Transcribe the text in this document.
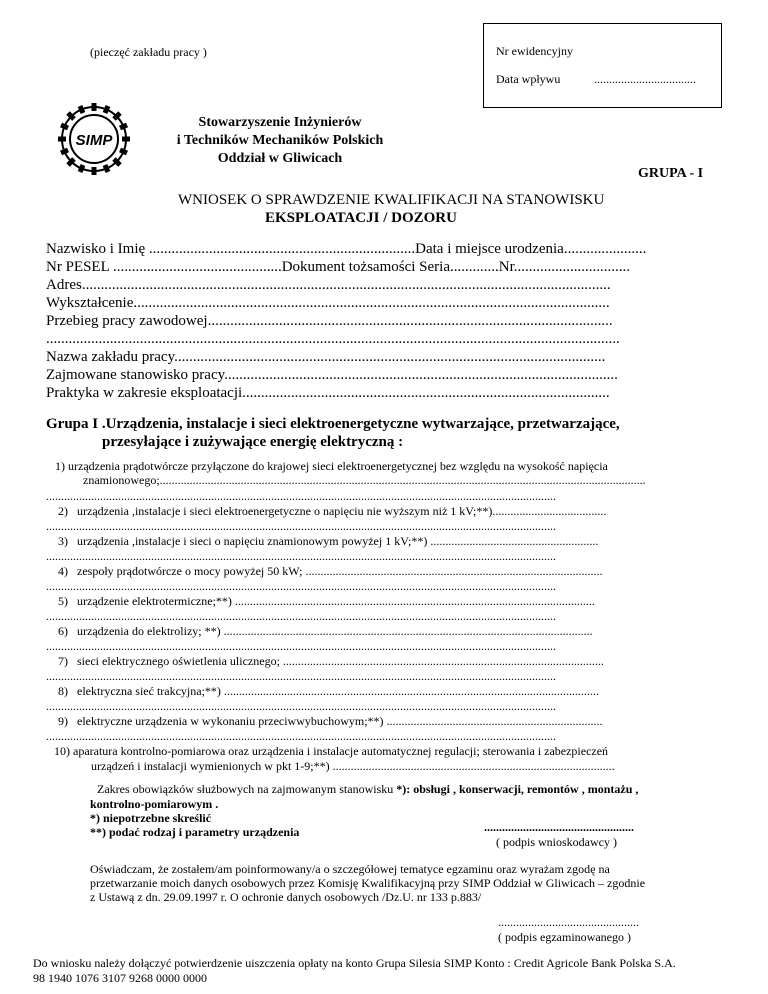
(pieczęć zakładu pracy )	Nr ewidencyjny
Data wpływu	..................................
SIMP
Stowarzyszenie Inżynierów
i Techników Mechaników Polskich
Oddział w Gliwicach
GRUPA - I
WNIOSEK O SPRAWDZENIE KWALIFIKACJI NA STANOWISKU
EKSPLOATACJI / DOZORU
Nazwisko i Imię .......................................................................Data i miejsce urodzenia......................
Nr PESEL .............................................Dokument tożsamości Seria.............Nr...............................
Adres.............................................................................................................................................
Wykształcenie...............................................................................................................................
Przebieg pracy zawodowej............................................................................................................
.........................................................................................................................................................
Nazwa zakładu pracy...................................................................................................................
Zajmowane stanowisko pracy.........................................................................................................
Praktyka w zakresie eksploatacji..................................................................................................
Grupa I .Urządzenia, instalacje i sieci elektroenergetyczne wytwarzające, przetwarzające,
przesyłające i zużywające energię elektryczną :
1) urządzenia prądotwórcze przyłączone do krajowej sieci elektroenergetycznej bez względu na wysokość napięcia
znamionowego;..................................................................................................................................................................
..........................................................................................................................................................................
2) urządzenia ,instalacje i sieci elektroenergetyczne o napięciu nie wyższym niż 1 kV;**)......................................
..........................................................................................................................................................................
3) urządzenia ,instalacje i sieci o napięciu znamionowym powyżej 1 kV;**) ........................................................
..........................................................................................................................................................................
4) zespoły prądotwórcze o mocy powyżej 50 kW; ...................................................................................................
..........................................................................................................................................................................
5) urządzenie elektrotermiczne;**) ........................................................................................................................
..........................................................................................................................................................................
6) urządzenia do elektrolizy; **) ...........................................................................................................................
..........................................................................................................................................................................
7) sieci elektrycznego oświetlenia ulicznego; ...........................................................................................................
..........................................................................................................................................................................
8) elektryczna sieć trakcyjna;**) .............................................................................................................................
..........................................................................................................................................................................
9) elektryczne urządzenia w wykonaniu przeciwwybuchowym;**) ........................................................................
..........................................................................................................................................................................
10) aparatura kontrolno-pomiarowa oraz urządzenia i instalacje automatycznej regulacji; sterowania i zabezpieczeń
urządzeń i instalacji wymienionych w pkt 1-9;**) ..............................................................................................
Zakres obowiązków służbowych na zajmowanym stanowisku *): obsługi , konserwacji, remontów , montażu ,
kontrolno-pomiarowym .
*) niepotrzebne skreślić
**) podać rodzaj i parametry urządzenia	..................................................
( podpis wnioskodawcy )
Oświadczam, że zostałem/am poinformowany/a o szczegółowej tematyce egzaminu oraz wyrażam zgodę na
przetwarzanie moich danych osobowych przez Komisję Kwalifikacyjną przy SIMP Oddział w Gliwicach – zgodnie
z Ustawą z dn. 29.09.1997 r. O ochronie danych osobowych /Dz.U. nr 133 p.883/
...............................................
( podpis egzaminowanego )
Do wniosku należy dołączyć potwierdzenie uiszczenia opłaty na konto Grupa Silesia SIMP Konto : Credit Agricole Bank Polska S.A.
98 1940 1076 3107 9268 0000 0000
